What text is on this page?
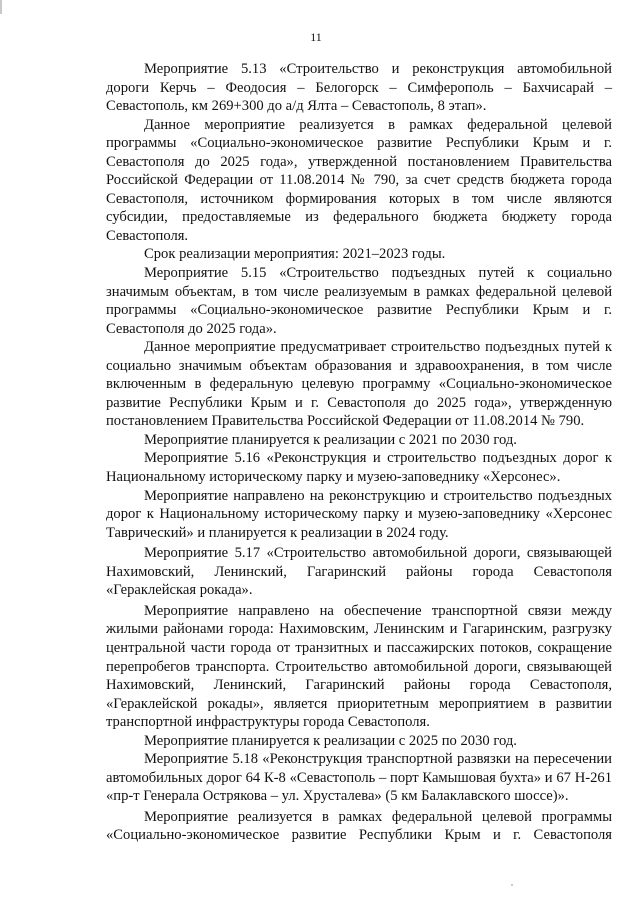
11

Мероприятие 5.13 «Строительство и реконструкция автомобильной дороги Керчь – Феодосия – Белогорск – Симферополь – Бахчисарай – Севастополь, км 269+300 до а/д Ялта – Севастополь, 8 этап».

Данное мероприятие реализуется в рамках федеральной целевой программы «Социально-экономическое развитие Республики Крым и г. Севастополя до 2025 года», утвержденной постановлением Правительства Российской Федерации от 11.08.2014 № 790, за счет средств бюджета города Севастополя, источником формирования которых в том числе являются субсидии, предоставляемые из федерального бюджета бюджету города Севастополя.

Срок реализации мероприятия: 2021–2023 годы.

Мероприятие 5.15 «Строительство подъездных путей к социально значимым объектам, в том числе реализуемым в рамках федеральной целевой программы «Социально-экономическое развитие Республики Крым и г. Севастополя до 2025 года».

Данное мероприятие предусматривает строительство подъездных путей к социально значимым объектам образования и здравоохранения, в том числе включенным в федеральную целевую программу «Социально-экономическое развитие Республики Крым и г. Севастополя до 2025 года», утвержденную постановлением Правительства Российской Федерации от 11.08.2014 № 790.

Мероприятие планируется к реализации с 2021 по 2030 год.

Мероприятие 5.16 «Реконструкция и строительство подъездных дорог к Национальному историческому парку и музею-заповеднику «Херсонес».

Мероприятие направлено на реконструкцию и строительство подъездных дорог к Национальному историческому парку и музею-заповеднику «Херсонес Таврический» и планируется к реализации в 2024 году.

Мероприятие 5.17 «Строительство автомобильной дороги, связывающей Нахимовский, Ленинский, Гагаринский районы города Севастополя «Гераклейская рокада».

Мероприятие направлено на обеспечение транспортной связи между жилыми районами города: Нахимовским, Ленинским и Гагаринским, разгрузку центральной части города от транзитных и пассажирских потоков, сокращение перепробегов транспорта. Строительство автомобильной дороги, связывающей Нахимовский, Ленинский, Гагаринский районы города Севастополя, «Гераклейской рокады», является приоритетным мероприятием в развитии транспортной инфраструктуры города Севастополя.

Мероприятие планируется к реализации с 2025 по 2030 год.

Мероприятие 5.18 «Реконструкция транспортной развязки на пересечении автомобильных дорог 64 К-8 «Севастополь – порт Камышовая бухта» и 67 Н-261 «пр-т Генерала Острякова – ул. Хрусталева» (5 км Балаклавского шоссе)».

Мероприятие реализуется в рамках федеральной целевой программы «Социально-экономическое развитие Республики Крым и г. Севастополя
